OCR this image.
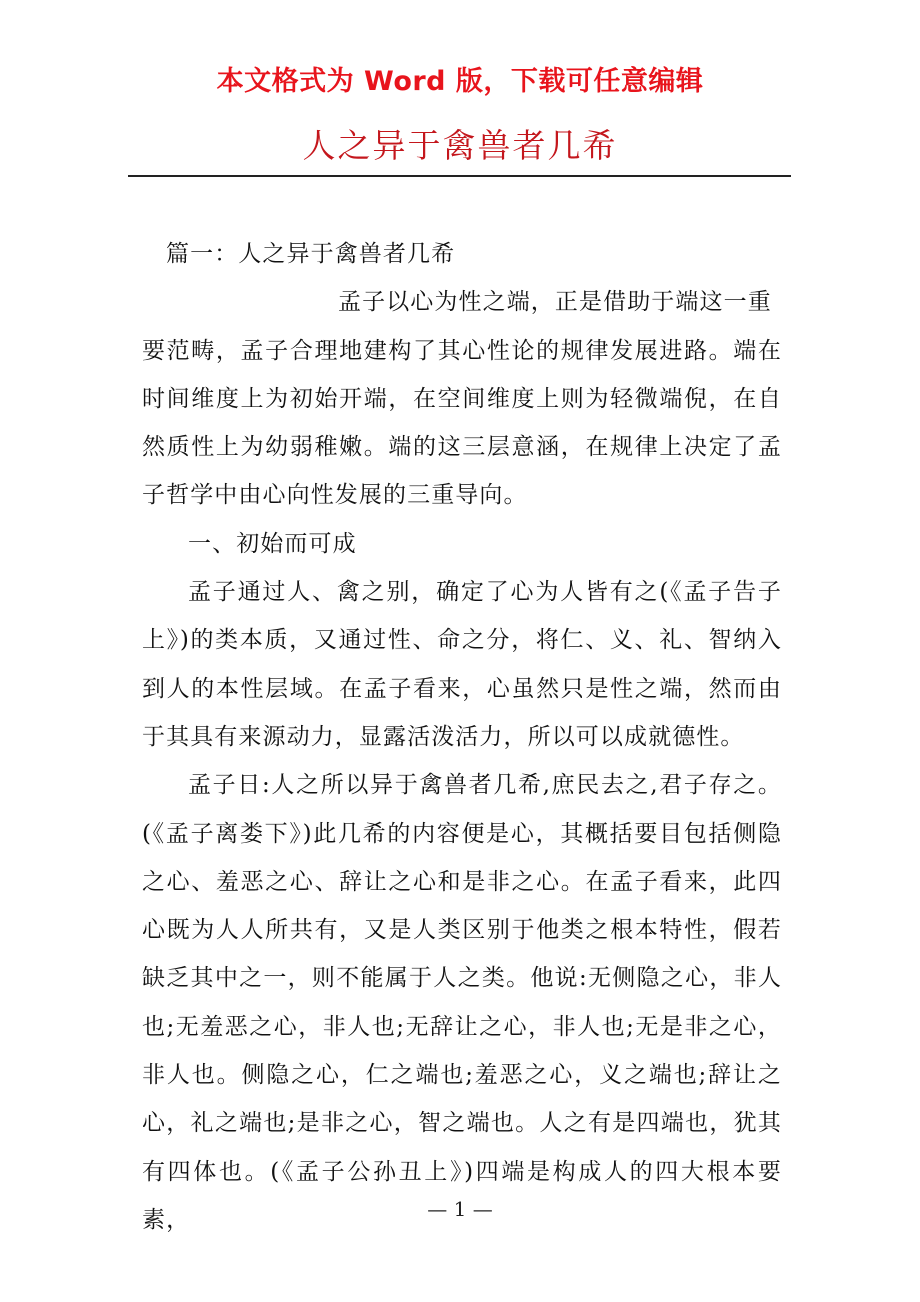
本文格式为 Word 版，下载可任意编辑
人之异于禽兽者几希

篇一：人之异于禽兽者几希

孟子以心为性之端，正是借助于端这一重

要范畴，孟子合理地建构了其心性论的规律发展进路。端在时间维度上为初始开端，在空间维度上则为轻微端倪，在自然质性上为幼弱稚嫩。端的这三层意涵，在规律上决定了孟子哲学中由心向性发展的三重导向。

一、初始而可成

孟子通过人、禽之别，确定了心为人皆有之(《孟子告子上》)的类本质，又通过性、命之分，将仁、义、礼、智纳入到人的本性层域。在孟子看来，心虽然只是性之端，然而由于其具有来源动力，显露活泼活力，所以可以成就德性。

孟子日:人之所以异于禽兽者几希,庶民去之,君子存之。(《孟子离娄下》)此几希的内容便是心，其概括要目包括侧隐之心、羞恶之心、辞让之心和是非之心。在孟子看来，此四心既为人人所共有，又是人类区别于他类之根本特性，假若缺乏其中之一，则不能属于人之类。他说:无侧隐之心，非人也;无羞恶之心，非人也;无辞让之心，非人也;无是非之心，非人也。侧隐之心，仁之端也;羞恶之心，义之端也;辞让之心，礼之端也;是非之心，智之端也。人之有是四端也，犹其有四体也。(《孟子公孙丑上》)四端是构成人的四大根本要素，	— 1 —
